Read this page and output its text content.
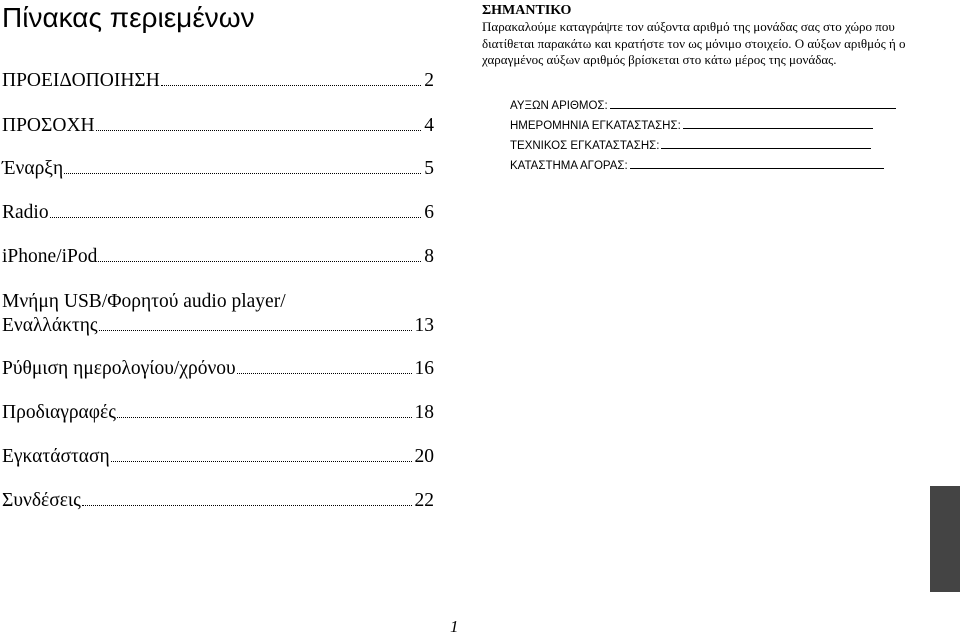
Πίνακας περιεμένων
ΠΡΟΕΙΔΟΠΟΙΗΣΗ	2
ΠΡΟΣΟΧΗ	4
Έναρξη	5
Radio	6
iPhone/iPod	8
Μνήμη USB/Φορητού audio player/
Εναλλάκτης	13
Ρύθμιση ημερολογίου/χρόνου	16
Προδιαγραφές	18
Εγκατάσταση	20
Συνδέσεις	22
ΣΗΜΑΝΤΙΚΟ

Παρακαλούμε καταγράψτε τον αύξοντα αριθμό της μονάδας σας στο χώρο που διατίθεται παρακάτω και κρατήστε τον ως μόνιμο στοιχείο. Ο αύξων αριθμός ή ο χαραγμένος αύξων αριθμός βρίσκεται στο κάτω μέρος της μονάδας.

ΑΥΞΩΝ ΑΡΙΘΜΟΣ:
ΗΜΕΡΟΜΗΝΙΑ ΕΓΚΑΤΑΣΤΑΣΗΣ:
ΤΕΧΝΙΚΟΣ ΕΓΚΑΤΑΣΤΑΣΗΣ:
ΚΑΤΑΣΤΗΜΑ ΑΓΟΡΑΣ:
1
